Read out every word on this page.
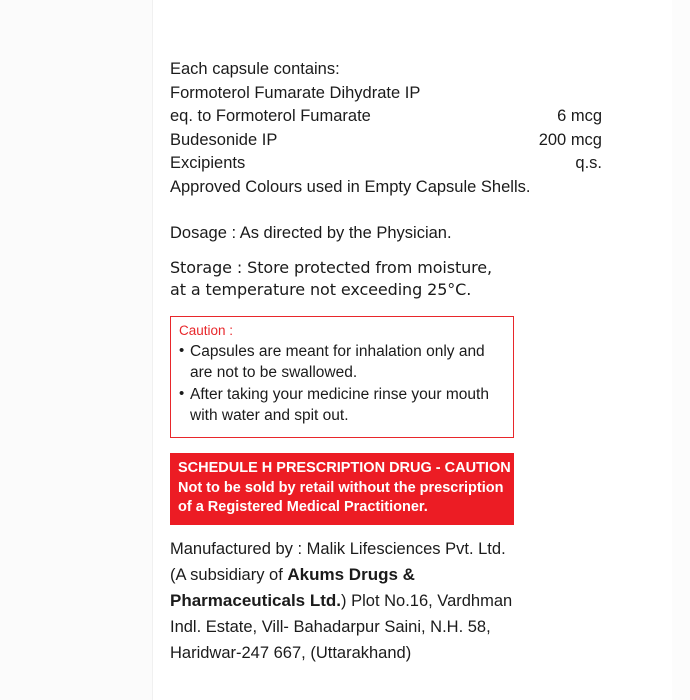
Each capsule contains:
Formoterol Fumarate Dihydrate IP
eq. to Formoterol Fumarate	6 mcg
Budesonide IP	200 mcg
Excipients	q.s.
Approved Colours used in Empty Capsule Shells.
Dosage : As directed by the Physician.
Storage : Store protected from moisture,
at a temperature not exceeding 25°C.
Caution :
• Capsules are meant for inhalation only and
are not to be swallowed.
• After taking your medicine rinse your mouth
with water and spit out.
SCHEDULE H PRESCRIPTION DRUG - CAUTION
Not to be sold by retail without the prescription
of a Registered Medical Practitioner.
Manufactured by : Malik Lifesciences Pvt. Ltd.
(A subsidiary of Akums Drugs &
Pharmaceuticals Ltd.) Plot No.16, Vardhman
Indl. Estate, Vill- Bahadarpur Saini, N.H. 58,
Haridwar-247 667, (Uttarakhand)
